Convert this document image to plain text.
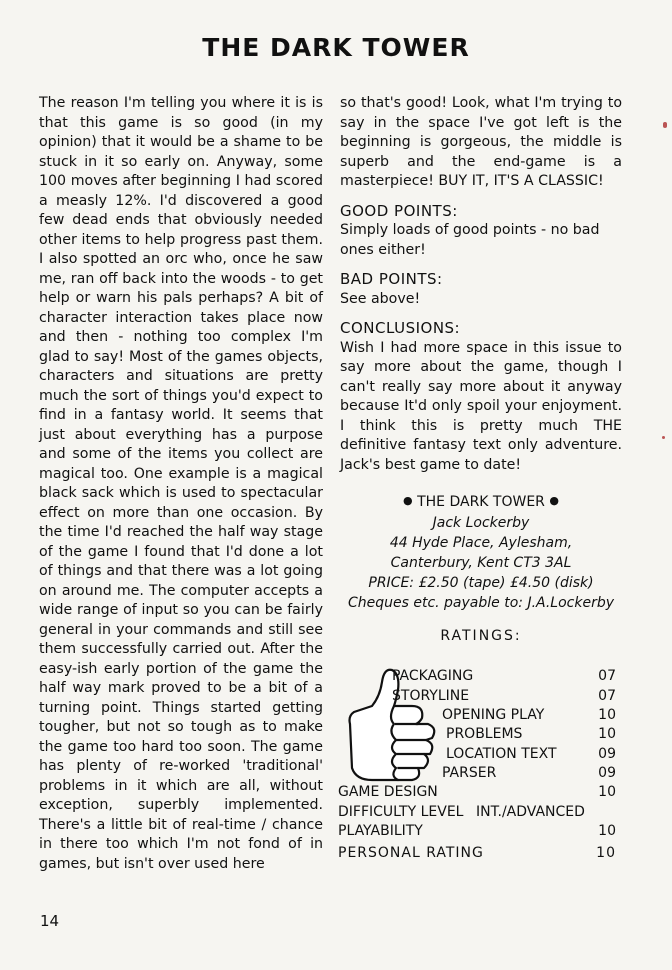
THE DARK TOWER

The reason I'm telling you where it is is that this game is so good (in my opinion) that it would be a shame to be stuck in it so early on. Anyway, some 100 moves after beginning I had scored a measly 12%. I'd discovered a good few dead ends that obviously needed other items to help progress past them. I also spotted an orc who, once he saw me, ran off back into the woods - to get help or warn his pals perhaps? A bit of character interaction takes place now and then - nothing too complex I'm glad to say! Most of the games objects, characters and situations are pretty much the sort of things you'd expect to find in a fantasy world. It seems that just about everything has a purpose and some of the items you collect are magical too. One example is a magical black sack which is used to spectacular effect on more than one occasion. By the time I'd reached the half way stage of the game I found that I'd done a lot of things and that there was a lot going on around me. The computer accepts a wide range of input so you can be fairly general in your commands and still see them successfully carried out. After the easy-ish early portion of the game the half way mark proved to be a bit of a turning point. Things started getting tougher, but not so tough as to make the game too hard too soon. The game has plenty of re-worked 'traditional' problems in it which are all, without exception, superbly implemented. There's a little bit of real-time / chance in there too which I'm not fond of in games, but isn't over used here

so that's good! Look, what I'm trying to say in the space I've got left is the beginning is gorgeous, the middle is superb and the end-game is a masterpiece! BUY IT, IT'S A CLASSIC!

GOOD POINTS:

Simply loads of good points - no bad ones either!

BAD POINTS:

See above!

CONCLUSIONS:

Wish I had more space in this issue to say more about the game, though I can't really say more about it anyway because It'd only spoil your enjoyment. I think this is pretty much THE definitive fantasy text only adventure. Jack's best game to date!

● THE DARK TOWER ●
Jack Lockerby
44 Hyde Place, Aylesham,
Canterbury, Kent CT3 3AL
PRICE: £2.50 (tape) £4.50 (disk)
Cheques etc. payable to: J.A.Lockerby
RATINGS:
PACKAGING	07
STORYLINE	07
OPENING PLAY	10
PROBLEMS	10
LOCATION TEXT	09
PARSER	09
GAME DESIGN	10
DIFFICULTY LEVEL INT./ADVANCED
PLAYABILITY	10
PERSONAL RATING	10
14
